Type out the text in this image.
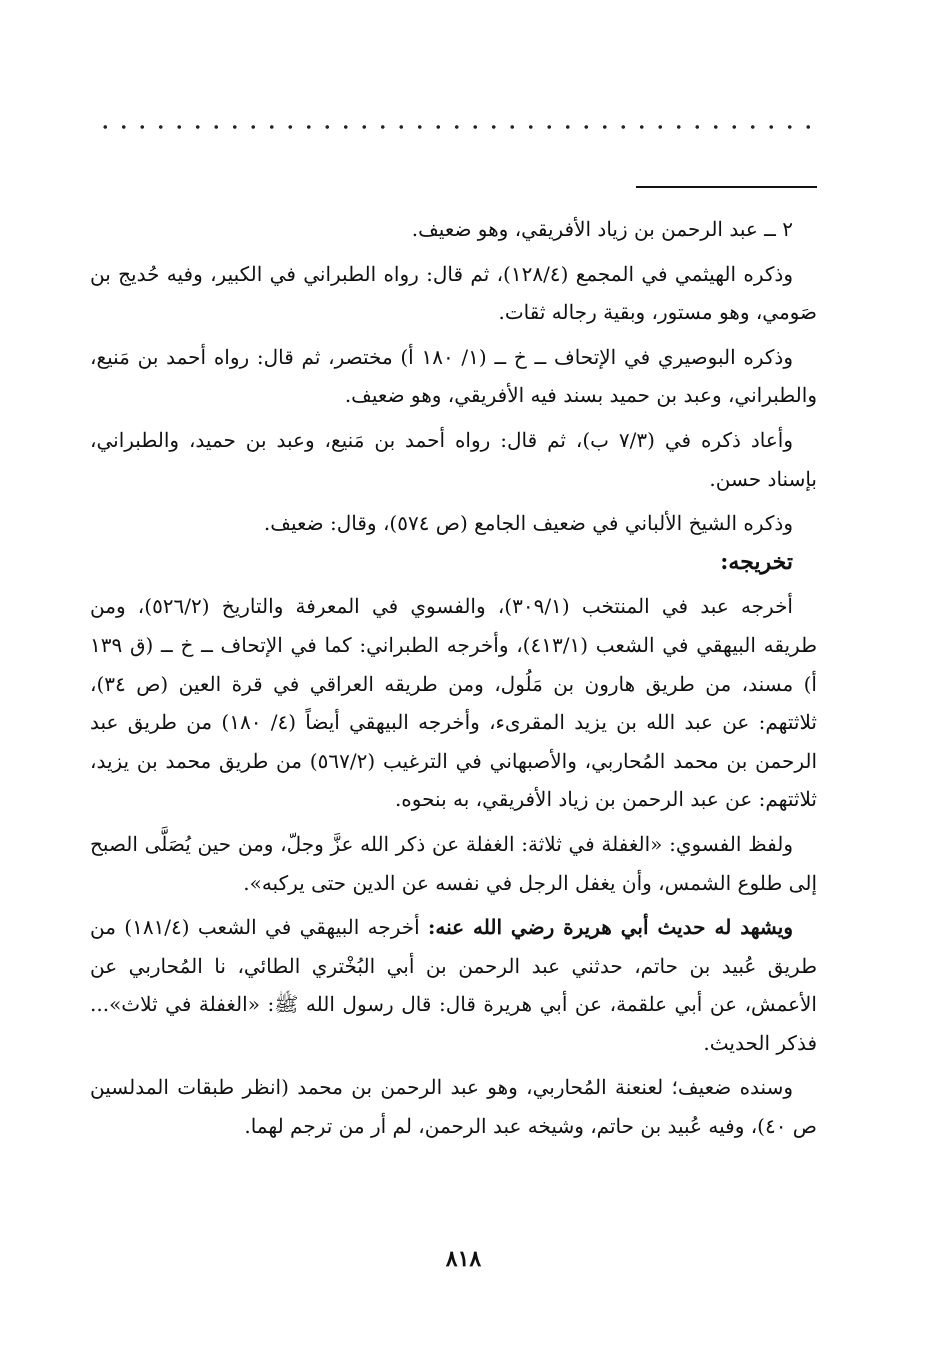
٢ ــ عبد الرحمن بن زياد الأفريقي، وهو ضعيف.

وذكره الهيثمي في المجمع (١٢٨/٤)، ثم قال: رواه الطبراني في الكبير، وفيه حُديج بن صَومي، وهو مستور، وبقية رجاله ثقات.

وذكره البوصيري في الإتحاف ــ خ ــ (١/ ١٨٠ أ) مختصر، ثم قال: رواه أحمد بن مَنيع، والطبراني، وعبد بن حميد بسند فيه الأفريقي، وهو ضعيف.

وأعاد ذكره في (٧/٣ ب)، ثم قال: رواه أحمد بن مَنيع، وعبد بن حميد، والطبراني، بإسناد حسن.

وذكره الشيخ الألباني في ضعيف الجامع (ص ٥٧٤)، وقال: ضعيف.

تخريجه:

أخرجه عبد في المنتخب (٣٠٩/١)، والفسوي في المعرفة والتاريخ (٥٢٦/٢)، ومن طريقه البيهقي في الشعب (٤١٣/١)، وأخرجه الطبراني: كما في الإتحاف ــ خ ــ (ق ١٣٩ أ) مسند، من طريق هارون بن مَلُول، ومن طريقه العراقي في قرة العين (ص ٣٤)، ثلاثتهم: عن عبد الله بن يزيد المقرىء، وأخرجه البيهقي أيضاً (٤/ ١٨٠) من طريق عبد الرحمن بن محمد المُحاربي، والأصبهاني في الترغيب (٥٦٧/٢) من طريق محمد بن يزيد، ثلاثتهم: عن عبد الرحمن بن زياد الأفريقي، به بنحوه.

ولفظ الفسوي: «الغفلة في ثلاثة: الغفلة عن ذكر الله عزَّ وجلّ، ومن حين يُصَلَّى الصبح إلى طلوع الشمس، وأن يغفل الرجل في نفسه عن الدين حتى يركبه».

ويشهد له حديث أبي هريرة رضي الله عنه: أخرجه البيهقي في الشعب (١٨١/٤) من طريق عُبيد بن حاتم، حدثني عبد الرحمن بن أبي البُخْتري الطائي، نا المُحاربي عن الأعمش، عن أبي علقمة، عن أبي هريرة قال: قال رسول الله ﷺ: «الغفلة في ثلاث»... فذكر الحديث.

وسنده ضعيف؛ لعنعنة المُحاربي، وهو عبد الرحمن بن محمد (انظر طبقات المدلسين ص ٤٠)، وفيه عُبيد بن حاتم، وشيخه عبد الرحمن، لم أر من ترجم لهما.

٨١٨
